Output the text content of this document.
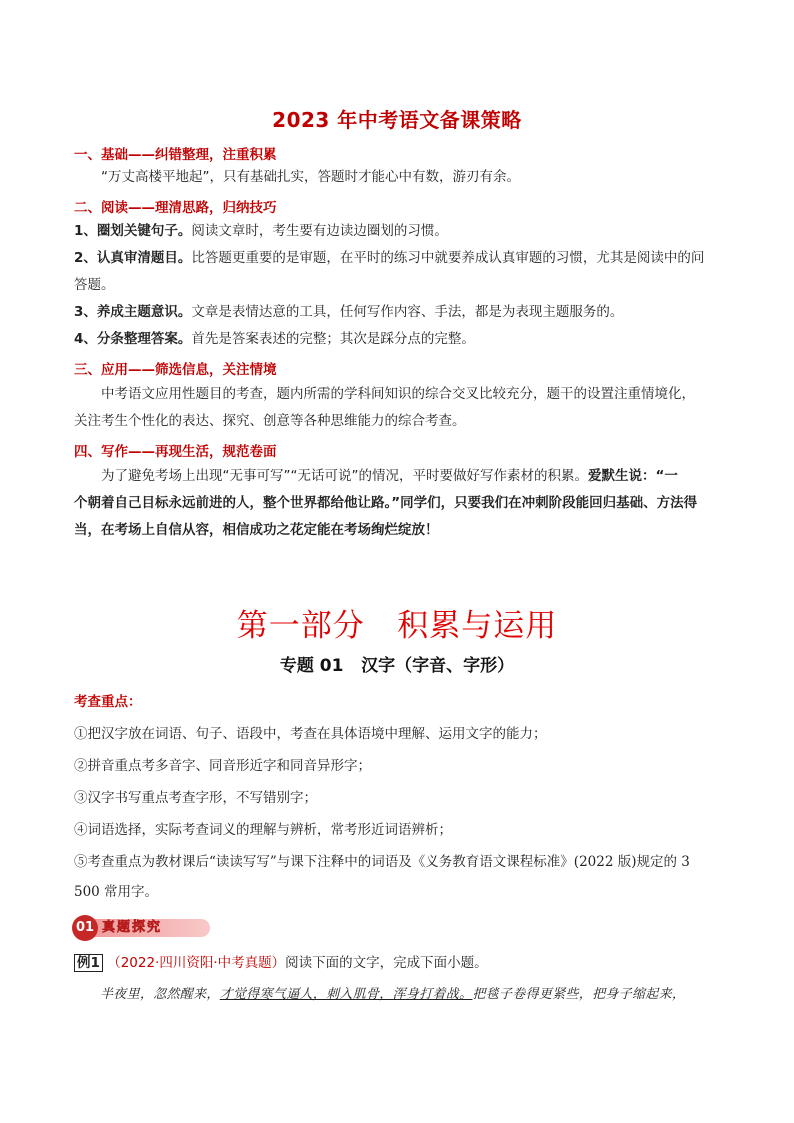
2023 年中考语文备课策略
一、基础——纠错整理，注重积累
“万丈高楼平地起”，只有基础扎实，答题时才能心中有数，游刃有余。
二、阅读——理清思路，归纳技巧
1、圈划关键句子。阅读文章时，考生要有边读边圈划的习惯。
2、认真审清题目。比答题更重要的是审题，在平时的练习中就要养成认真审题的习惯，尤其是阅读中的问
答题。
3、养成主题意识。文章是表情达意的工具，任何写作内容、手法，都是为表现主题服务的。
4、分条整理答案。首先是答案表述的完整；其次是踩分点的完整。
三、应用——筛选信息，关注情境
中考语文应用性题目的考查，题内所需的学科间知识的综合交叉比较充分，题干的设置注重情境化，
关注考生个性化的表达、探究、创意等各种思维能力的综合考查。
四、写作——再现生活，规范卷面
为了避免考场上出现“无事可写”“无话可说”的情况，平时要做好写作素材的积累。爱默生说：“一
个朝着自己目标永远前进的人，整个世界都给他让路。”同学们，只要我们在冲刺阶段能回归基础、方法得
当，在考场上自信从容，相信成功之花定能在考场绚烂绽放！
第一部分   积累与运用
专题 01   汉字（字音、字形）
考查重点：
①把汉字放在词语、句子、语段中，考查在具体语境中理解、运用文字的能力；
②拼音重点考多音字、同音形近字和同音异形字；
③汉字书写重点考查字形，不写错别字；
④词语选择，实际考查词义的理解与辨析，常考形近词语辨析；
⑤考查重点为教材课后“读读写写”与课下注释中的词语及《义务教育语文课程标准》(2022 版)规定的 3
500 常用字。
01 真题探究
例1 （2022·四川资阳·中考真题）阅读下面的文字，完成下面小题。
半夜里，忽然醒来，才觉得寒气逼人，刺入肌骨，浑身打着战。把毯子卷得更紧些，把身子缩起来，
